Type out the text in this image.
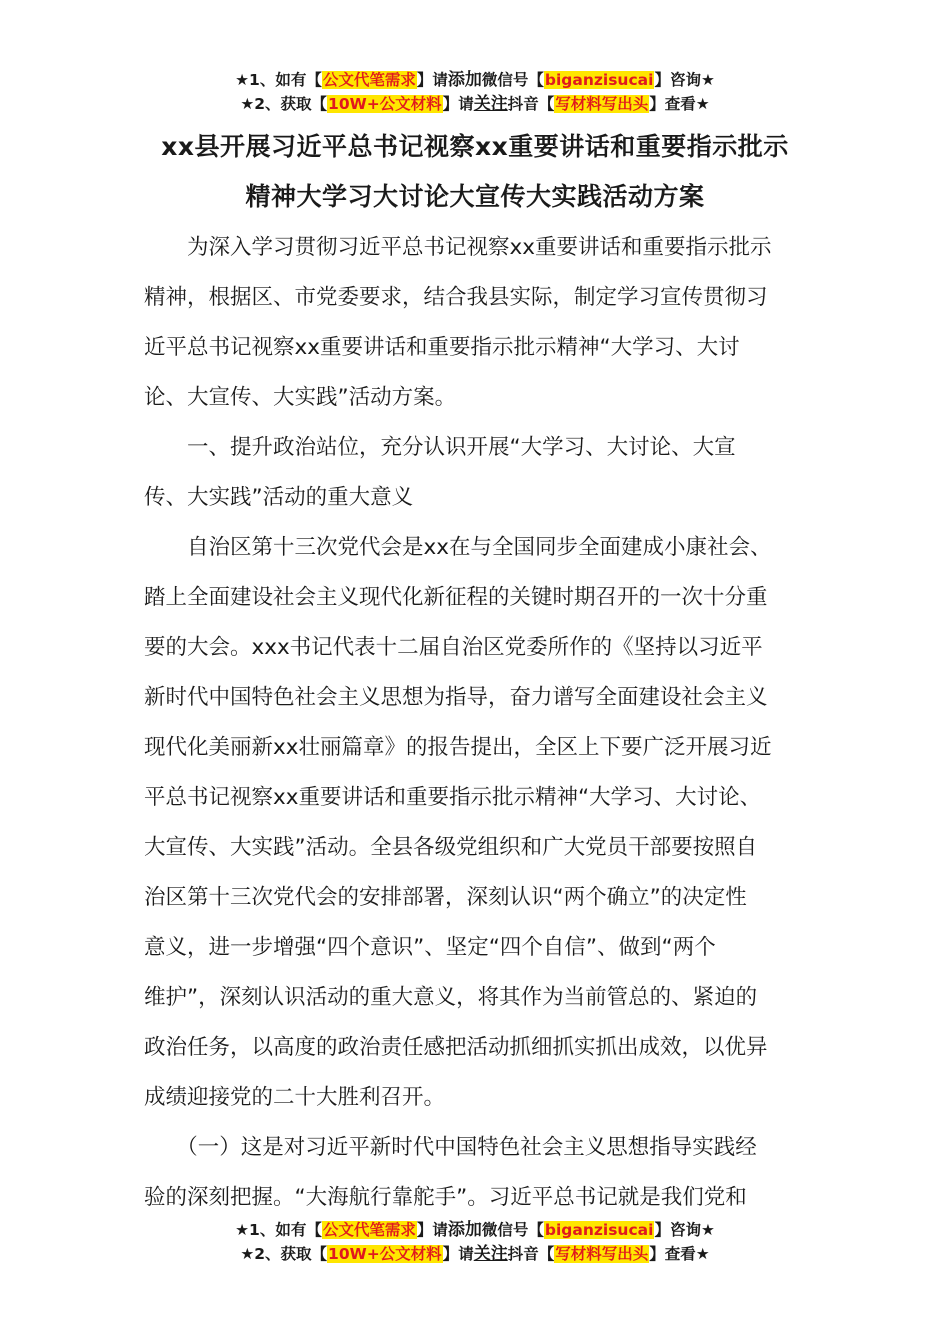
★1、如有【公文代笔需求】请添加微信号【biganzisucai】咨询★
★2、获取【10W+公文材料】请关注抖音【写材料写出头】查看★
xx县开展习近平总书记视察xx重要讲话和重要指示批示
精神大学习大讨论大宣传大实践活动方案
　　为深入学习贯彻习近平总书记视察xx重要讲话和重要指示批示
精神，根据区、市党委要求，结合我县实际，制定学习宣传贯彻习
近平总书记视察xx重要讲话和重要指示批示精神“大学习、大讨
论、大宣传、大实践”活动方案。
　　一、提升政治站位，充分认识开展“大学习、大讨论、大宣
传、大实践”活动的重大意义
　　自治区第十三次党代会是xx在与全国同步全面建成小康社会、
踏上全面建设社会主义现代化新征程的关键时期召开的一次十分重
要的大会。xxx书记代表十二届自治区党委所作的《坚持以习近平
新时代中国特色社会主义思想为指导，奋力谱写全面建设社会主义
现代化美丽新xx壮丽篇章》的报告提出，全区上下要广泛开展习近
平总书记视察xx重要讲话和重要指示批示精神“大学习、大讨论、
大宣传、大实践”活动。全县各级党组织和广大党员干部要按照自
治区第十三次党代会的安排部署，深刻认识“两个确立”的决定性
意义，进一步增强“四个意识”、坚定“四个自信”、做到“两个
维护”，深刻认识活动的重大意义，将其作为当前管总的、紧迫的
政治任务，以高度的政治责任感把活动抓细抓实抓出成效，以优异
成绩迎接党的二十大胜利召开。
　　（一）这是对习近平新时代中国特色社会主义思想指导实践经
验的深刻把握。“大海航行靠舵手”。习近平总书记就是我们党和
★1、如有【公文代笔需求】请添加微信号【biganzisucai】咨询★
★2、获取【10W+公文材料】请关注抖音【写材料写出头】查看★
